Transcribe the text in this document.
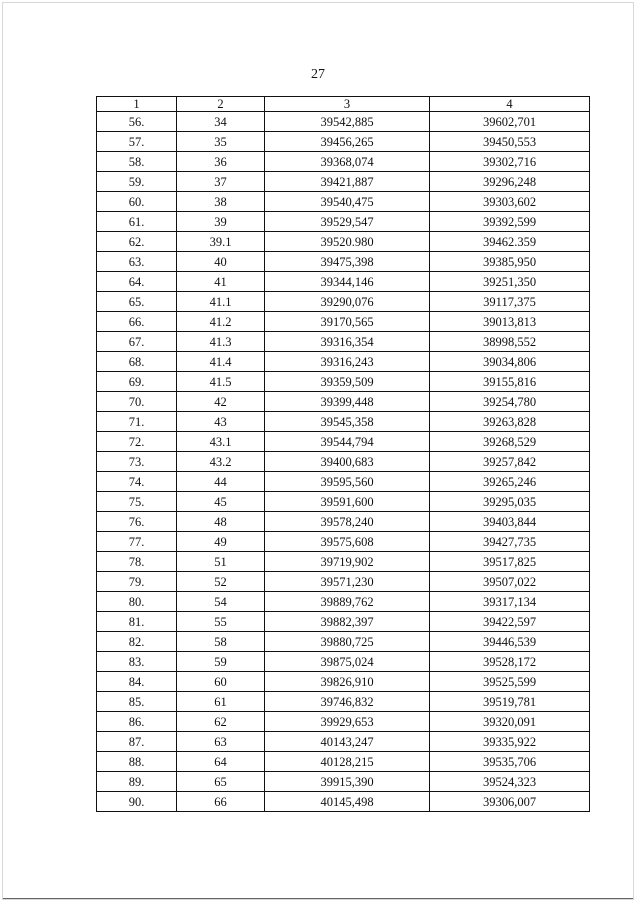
27
1	2	3	4
56.	34	39542,885	39602,701
57.	35	39456,265	39450,553
58.	36	39368,074	39302,716
59.	37	39421,887	39296,248
60.	38	39540,475	39303,602
61.	39	39529,547	39392,599
62.	39.1	39520.980	39462.359
63.	40	39475,398	39385,950
64.	41	39344,146	39251,350
65.	41.1	39290,076	39117,375
66.	41.2	39170,565	39013,813
67.	41.3	39316,354	38998,552
68.	41.4	39316,243	39034,806
69.	41.5	39359,509	39155,816
70.	42	39399,448	39254,780
71.	43	39545,358	39263,828
72.	43.1	39544,794	39268,529
73.	43.2	39400,683	39257,842
74.	44	39595,560	39265,246
75.	45	39591,600	39295,035
76.	48	39578,240	39403,844
77.	49	39575,608	39427,735
78.	51	39719,902	39517,825
79.	52	39571,230	39507,022
80.	54	39889,762	39317,134
81.	55	39882,397	39422,597
82.	58	39880,725	39446,539
83.	59	39875,024	39528,172
84.	60	39826,910	39525,599
85.	61	39746,832	39519,781
86.	62	39929,653	39320,091
87.	63	40143,247	39335,922
88.	64	40128,215	39535,706
89.	65	39915,390	39524,323
90.	66	40145,498	39306,007
